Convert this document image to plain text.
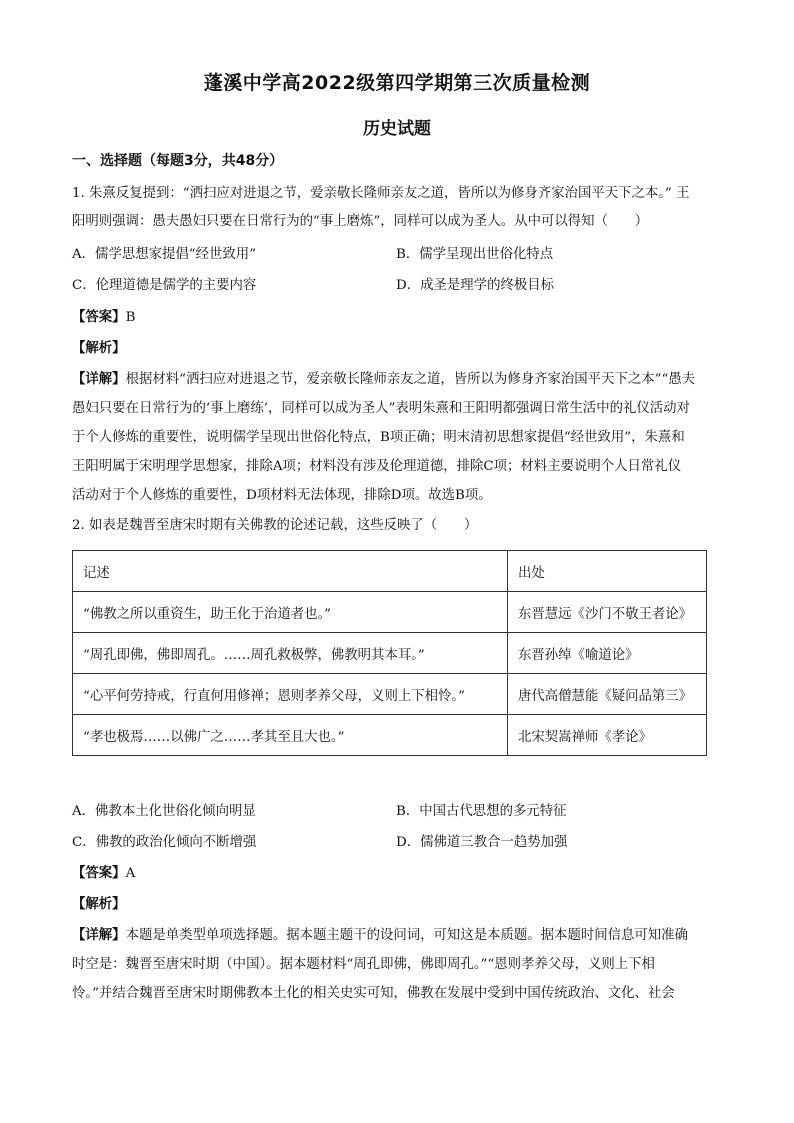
蓬溪中学高2022级第四学期第三次质量检测
历史试题
一、选择题（每题3分，共48分）
1. 朱熹反复提到：“洒扫应对进退之节，爱亲敬长隆师亲友之道，皆所以为修身齐家治国平天下之本。” 王
阳明则强调：愚夫愚妇只要在日常行为的“事上磨炼”，同样可以成为圣人。从中可以得知（　　）
A．儒学思想家提倡“经世致用”	B．儒学呈现出世俗化特点
C．伦理道德是儒学的主要内容	D．成圣是理学的终极目标
【答案】B
【解析】
【详解】根据材料“洒扫应对进退之节，爱亲敬长隆师亲友之道，皆所以为修身齐家治国平天下之本”“愚夫
愚妇只要在日常行为的‘事上磨练’，同样可以成为圣人”表明朱熹和王阳明都强调日常生活中的礼仪活动对
于个人修炼的重要性，说明儒学呈现出世俗化特点，B项正确；明末清初思想家提倡“经世致用”，朱熹和
王阳明属于宋明理学思想家，排除A项；材料没有涉及伦理道德，排除C项；材料主要说明个人日常礼仪
活动对于个人修炼的重要性，D项材料无法体现，排除D项。故选B项。
2. 如表是魏晋至唐宋时期有关佛教的论述记载，这些反映了（　　）
记述	出处
“佛教之所以重资生，助王化于治道者也。”	东晋慧远《沙门不敬王者论》
“周孔即佛，佛即周孔。……周孔救极弊，佛教明其本耳。”	东晋孙绰《喻道论》
“心平何劳持戒，行直何用修禅；恩则孝养父母，义则上下相怜。”	唐代高僧慧能《疑问品第三》
“孝也极焉……以佛广之……孝其至且大也。”	北宋契嵩禅师《孝论》
A．佛教本土化世俗化倾向明显	B．中国古代思想的多元特征
C．佛教的政治化倾向不断增强	D．儒佛道三教合一趋势加强
【答案】A
【解析】
【详解】本题是单类型单项选择题。据本题主题干的设问词，可知这是本质题。据本题时间信息可知准确
时空是：魏晋至唐宋时期（中国）。据本题材料“周孔即佛，佛即周孔。”“恩则孝养父母，义则上下相
怜。”并结合魏晋至唐宋时期佛教本土化的相关史实可知，佛教在发展中受到中国传统政治、文化、社会
